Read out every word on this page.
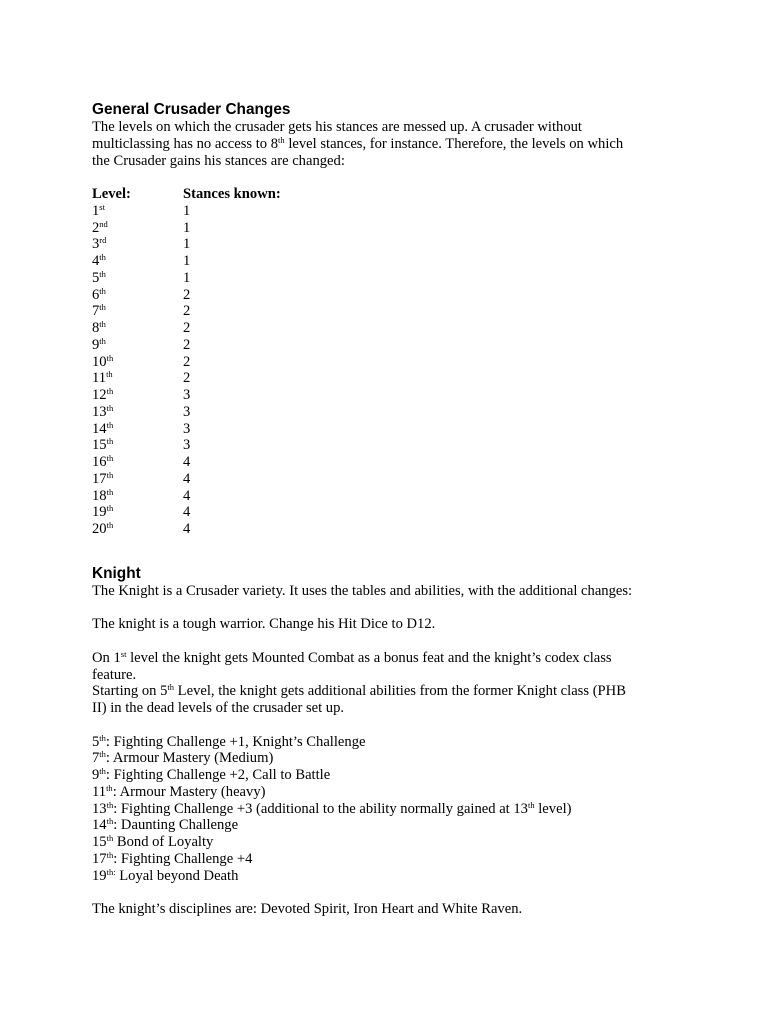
General Crusader Changes

The levels on which the crusader gets his stances are messed up. A crusader without

multiclassing has no access to 8th level stances, for instance. Therefore, the levels on which

the Crusader gains his stances are changed:

Level:	Stances known:
1st	1
2nd	1
3rd	1
4th	1
5th	1
6th	2
7th	2
8th	2
9th	2
10th	2
11th	2
12th	3
13th	3
14th	3
15th	3
16th	4
17th	4
18th	4
19th	4
20th	4
Knight

The Knight is a Crusader variety. It uses the tables and abilities, with the additional changes:

The knight is a tough warrior. Change his Hit Dice to D12.

On 1st level the knight gets Mounted Combat as a bonus feat and the knight’s codex class

feature.

Starting on 5th Level, the knight gets additional abilities from the former Knight class (PHB

II) in the dead levels of the crusader set up.

5th: Fighting Challenge +1, Knight’s Challenge

7th: Armour Mastery (Medium)

9th: Fighting Challenge +2, Call to Battle

11th: Armour Mastery (heavy)

13th: Fighting Challenge +3 (additional to the ability normally gained at 13th level)

14th: Daunting Challenge

15th Bond of Loyalty

17th: Fighting Challenge +4

$19^{th:}$ Loyal beyond Death

The knight’s disciplines are: Devoted Spirit, Iron Heart and White Raven.
